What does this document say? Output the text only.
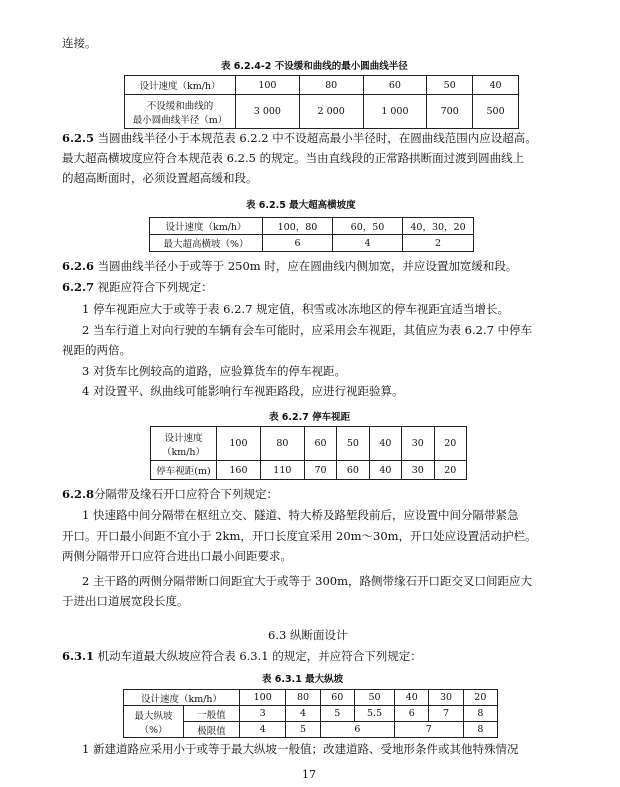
连接。
表 6.2.4-2 不设缓和曲线的最小圆曲线半径
设计速度（km/h）	100	80	60	50	40

不设缓和曲线的
最小圆曲线半径（m）	3 000	2 000	1 000	700	500
6.2.5 当圆曲线半径小于本规范表 6.2.2 中不设超高最小半径时，在圆曲线范围内应设超高。
最大超高横坡度应符合本规范表 6.2.5 的规定。当由直线段的正常路拱断面过渡到圆曲线上
的超高断面时，必须设置超高缓和段。
表 6.2.5 最大超高横坡度
设计速度（km/h）	100，80	60，50	40，30，20
最大超高横坡（%）	6	4	2
6.2.6 当圆曲线半径小于或等于 250m 时，应在圆曲线内侧加宽，并应设置加宽缓和段。
6.2.7 视距应符合下列规定：
1 停车视距应大于或等于表 6.2.7 规定值，积雪或冰冻地区的停车视距宜适当增长。
2 当车行道上对向行驶的车辆有会车可能时，应采用会车视距，其值应为表 6.2.7 中停车
视距的两倍。
3 对货车比例较高的道路，应验算货车的停车视距。
4 对设置平、纵曲线可能影响行车视距路段，应进行视距验算。
表 6.2.7 停车视距
设计速度
（km/h）	100	80	60	50	40	30	20
停车视距(m)	160	110	70	60	40	30	20
6.2.8分隔带及缘石开口应符合下列规定：
1 快速路中间分隔带在枢纽立交、隧道、特大桥及路堑段前后，应设置中间分隔带紧急
开口。开口最小间距不宜小于 2km，开口长度宜采用 20m～30m，开口处应设置活动护栏。
两侧分隔带开口应符合进出口最小间距要求。
2 主干路的两侧分隔带断口间距宜大于或等于 300m，路侧带缘石开口距交叉口间距应大
于进出口道展宽段长度。
6.3 纵断面设计
6.3.1 机动车道最大纵坡应符合表 6.3.1 的规定，并应符合下列规定：
表 6.3.1 最大纵坡
设计速度（km/h）		100	80	60	50	40	30	20

最大纵坡
（%）	一般值	3	4	5	5.5	6	7	8
	极限值	4	5	6		7		8
1 新建道路应采用小于或等于最大纵坡一般值；改建道路、受地形条件或其他特殊情况
17
